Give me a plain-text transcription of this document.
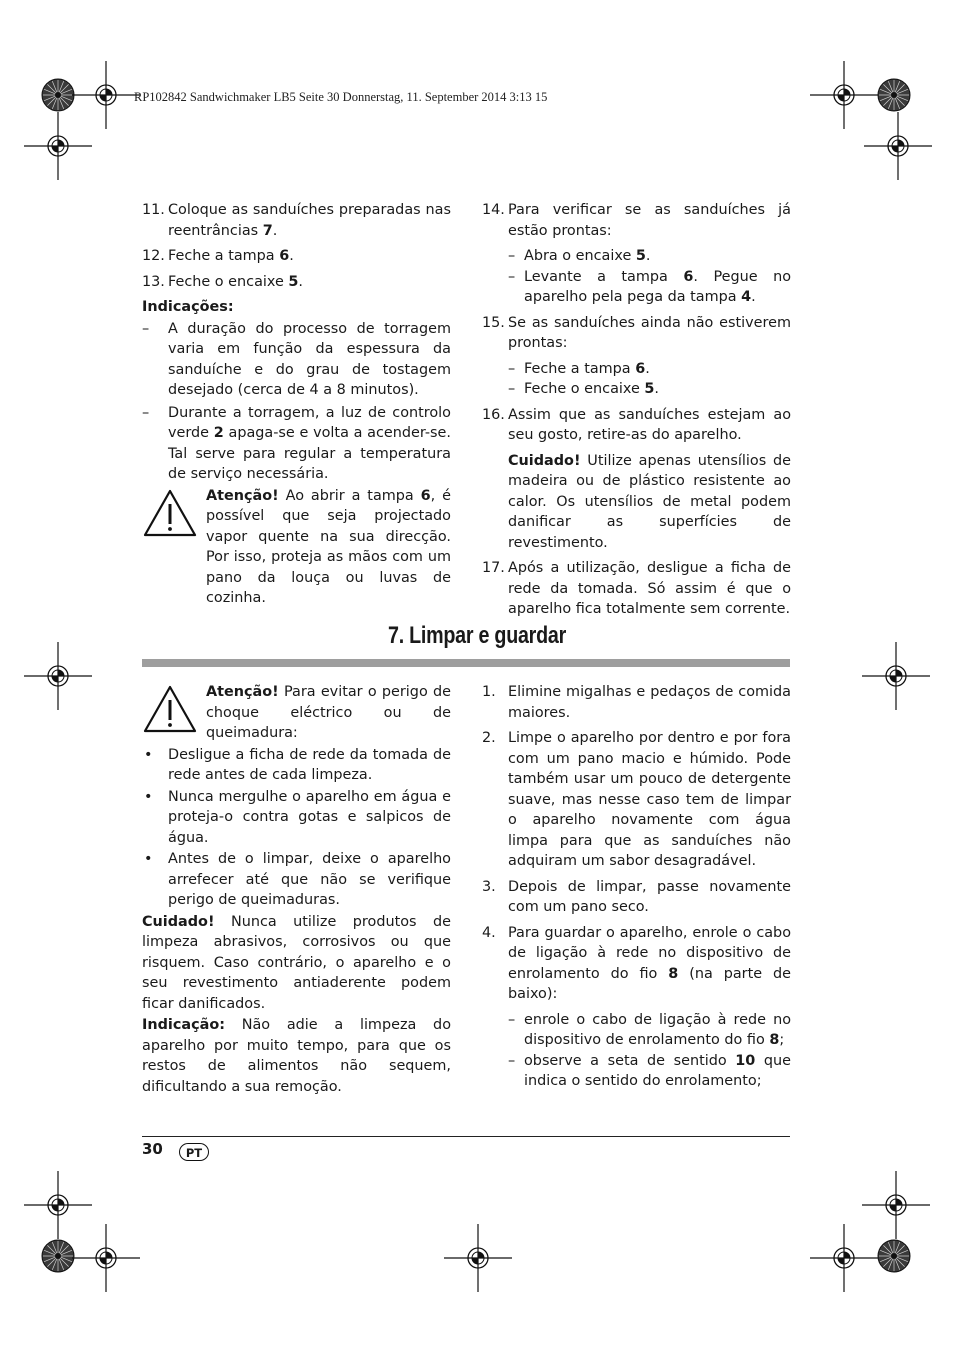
RP102842 Sandwichmaker LB5 Seite 30 Donnerstag, 11. September 2014 3:13 15
11. Coloque as sanduíches preparadas nas reentrâncias 7.
12. Feche a tampa 6.
13. Feche o encaixe 5.

Indicações:

– A duração do processo de torragem varia em função da espessura da sanduíche e do grau de tostagem desejado (cerca de 4 a 8 minutos).
– Durante a torragem, a luz de controlo verde 2 apaga-se e volta a acender-se. Tal serve para regular a temperatura de serviço necessária.
Atenção! Ao abrir a tampa 6, é possível que seja projectado vapor quente na sua direcção. Por isso, proteja as mãos com um pano da louça ou luvas de cozinha.
14. Para verificar se as sanduíches já estão prontas:
– Abra o encaixe 5.
– Levante a tampa 6. Pegue no aparelho pela pega da tampa 4.
15. Se as sanduíches ainda não estiverem prontas:
– Feche a tampa 6.
– Feche o encaixe 5.
16. Assim que as sanduíches estejam ao seu gosto, retire-as do aparelho.
Cuidado! Utilize apenas utensílios de madeira ou de plástico resistente ao calor. Os utensílios de metal podem danificar as superfícies de revestimento.
17. Após a utilização, desligue a ficha de rede da tomada. Só assim é que o aparelho fica totalmente sem corrente.
7. Limpar e guardar
Atenção! Para evitar o perigo de choque eléctrico ou de queimadura:
• Desligue a ficha de rede da tomada de rede antes de cada limpeza.
• Nunca mergulhe o aparelho em água e proteja-o contra gotas e salpicos de água.
• Antes de o limpar, deixe o aparelho arrefecer até que não se verifique perigo de queimaduras.
Cuidado! Nunca utilize produtos de limpeza abrasivos, corrosivos ou que risquem. Caso contrário, o aparelho e o seu revestimento antiaderente podem ficar danificados.
Indicação: Não adie a limpeza do aparelho por muito tempo, para que os restos de alimentos não sequem, dificultando a sua remoção.
1. Elimine migalhas e pedaços de comida maiores.
2. Limpe o aparelho por dentro e por fora com um pano macio e húmido. Pode também usar um pouco de detergente suave, mas nesse caso tem de limpar o aparelho novamente com água limpa para que as sanduíches não adquiram um sabor desagradável.
3. Depois de limpar, passe novamente com um pano seco.
4. Para guardar o aparelho, enrole o cabo de ligação à rede no dispositivo de enrolamento do fio 8 (na parte de baixo):
– enrole o cabo de ligação à rede no dispositivo de enrolamento do fio 8;
– observe a seta de sentido 10 que indica o sentido do enrolamento;
30	PT
